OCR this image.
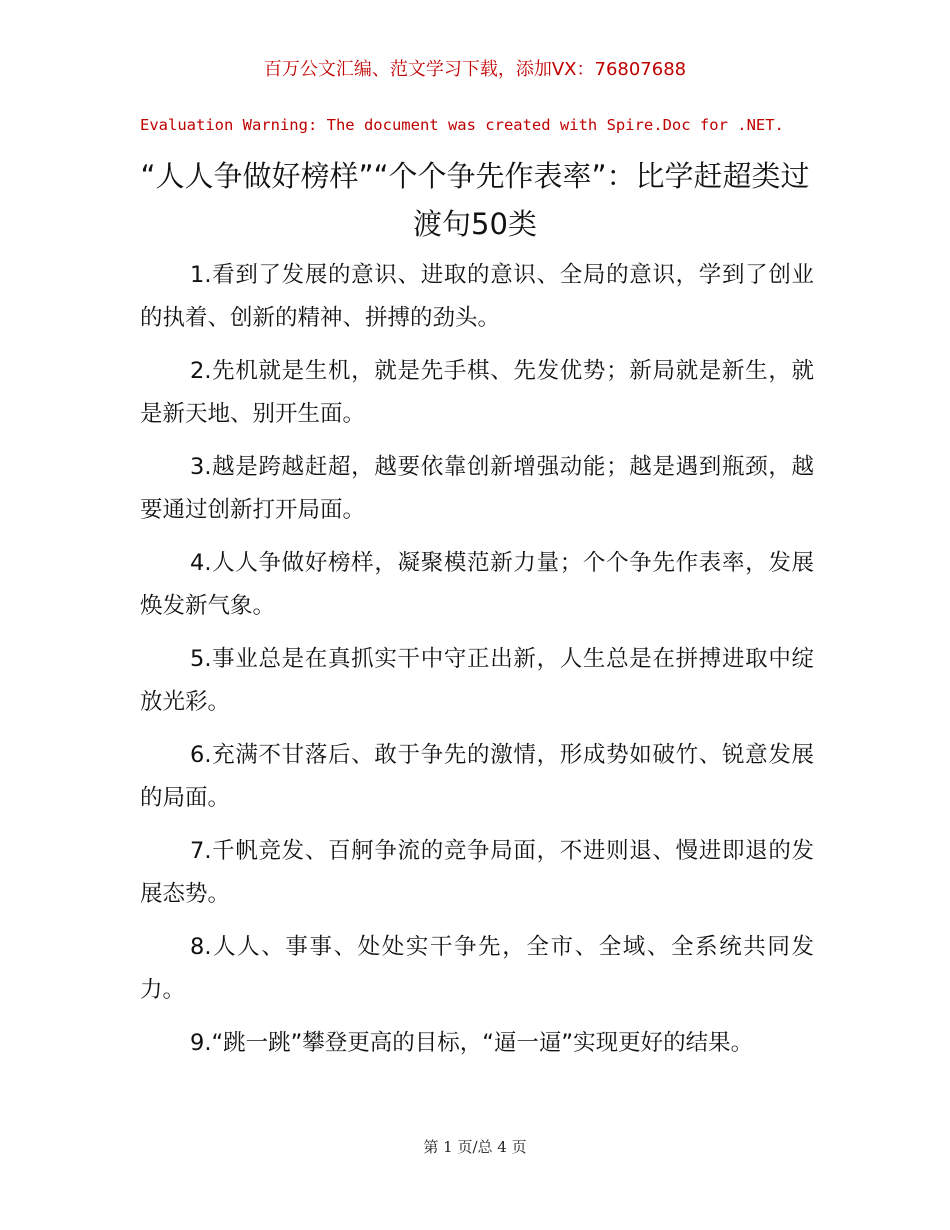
百万公文汇编、范文学习下载，添加VX：76807688
Evaluation Warning: The document was created with Spire.Doc for .NET.
“人人争做好榜样”“个个争先作表率”：比学赶超类过渡句50类

1.看到了发展的意识、进取的意识、全局的意识，学到了创业的执着、创新的精神、拼搏的劲头。

2.先机就是生机，就是先手棋、先发优势；新局就是新生，就是新天地、别开生面。

3.越是跨越赶超，越要依靠创新增强动能；越是遇到瓶颈，越要通过创新打开局面。

4.人人争做好榜样，凝聚模范新力量；个个争先作表率，发展焕发新气象。

5.事业总是在真抓实干中守正出新，人生总是在拼搏进取中绽放光彩。

6.充满不甘落后、敢于争先的激情，形成势如破竹、锐意发展的局面。

7.千帆竞发、百舸争流的竞争局面，不进则退、慢进即退的发展态势。

8.人人、事事、处处实干争先，全市、全域、全系统共同发力。

9.“跳一跳”攀登更高的目标，“逼一逼”实现更好的结果。

第 1 页/总 4 页
